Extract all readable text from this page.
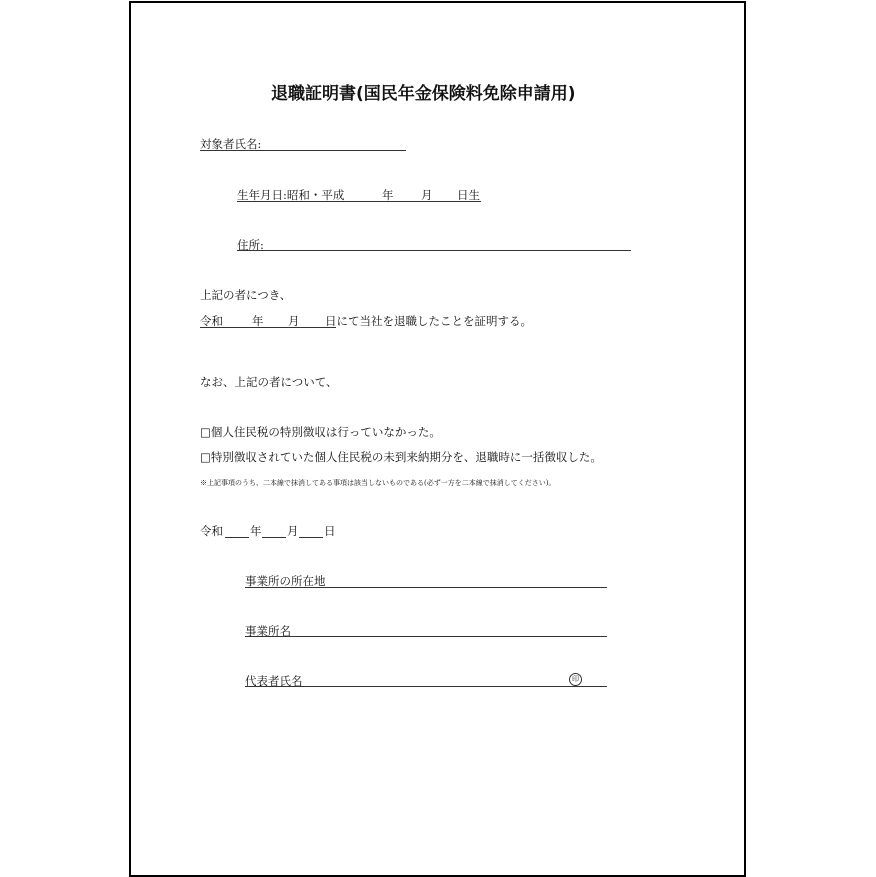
退職証明書(国民年金保険料免除申請用)
対象者氏名:
生年月日:昭和・平成	年 月 日生
住所:
上記の者につき、
令和	年 月 日にて当社を退職したことを証明する。
なお、上記の者について、
□個人住民税の特別徴収は行っていなかった。
□特別徴収されていた個人住民税の未到来納期分を、退職時に一括徴収した。
※上記事項のうち、二本線で抹消してある事項は該当しないものである(必ず一方を二本線で抹消してください)。
令和 年 月 日
事業所の所在地
事業所名
代表者氏名	印
